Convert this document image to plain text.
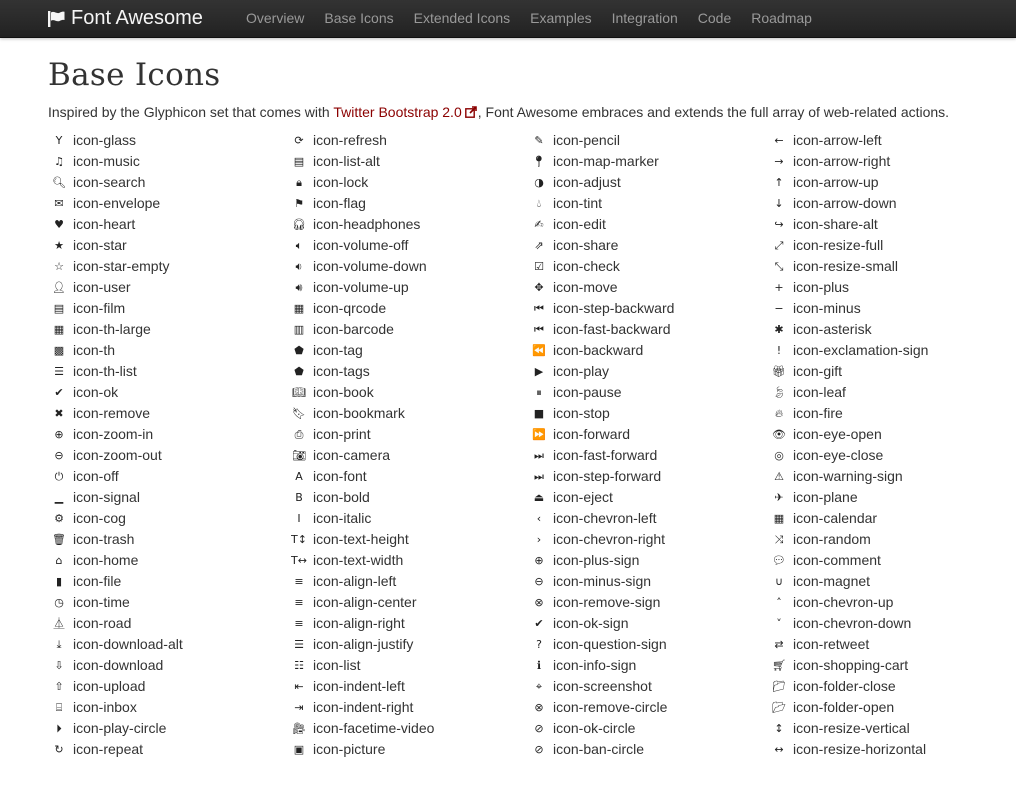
Font Awesome	Overview	Base Icons	Extended Icons	Examples	Integration	Code	Roadmap
Base Icons

Inspired by the Glyphicon set that comes with Twitter Bootstrap 2.0 , Font Awesome embraces and extends the full array of web-related actions.

Y icon-glass
♫ icon-music
🔍︎ icon-search
✉ icon-envelope
♥ icon-heart
★ icon-star
☆ icon-star-empty
👤︎ icon-user
▤ icon-film
▦ icon-th-large
▩ icon-th
☰ icon-th-list
✔ icon-ok
✖ icon-remove
⊕ icon-zoom-in
⊖ icon-zoom-out
⏻ icon-off
▁ icon-signal
⚙ icon-cog
🗑︎ icon-trash
⌂ icon-home
▮ icon-file
◷ icon-time
⏅ icon-road
⤓ icon-download-alt
⇩ icon-download
⇧ icon-upload
⌸ icon-inbox
⏵ icon-play-circle
↻ icon-repeat
⟳ icon-refresh
▤ icon-list-alt
🔒︎ icon-lock
⚑ icon-flag
🎧︎ icon-headphones
🔈︎ icon-volume-off
🔉︎ icon-volume-down
🔊︎ icon-volume-up
▦ icon-qrcode
▥ icon-barcode
⬟ icon-tag
⬟ icon-tags
📖︎ icon-book
🔖︎ icon-bookmark
⎙ icon-print
📷︎ icon-camera
A icon-font
B icon-bold
I icon-italic
T↕ icon-text-height
T↔ icon-text-width
≡ icon-align-left
≡ icon-align-center
≡ icon-align-right
☰ icon-align-justify
☷ icon-list
⇤ icon-indent-left
⇥ icon-indent-right
🎥︎ icon-facetime-video
▣ icon-picture
✎ icon-pencil
📍︎ icon-map-marker
◑ icon-adjust
💧︎ icon-tint
✍ icon-edit
⇗ icon-share
☑ icon-check
✥ icon-move
⏮ icon-step-backward
⏮ icon-fast-backward
⏪ icon-backward
▶ icon-play
⏸ icon-pause
■ icon-stop
⏩ icon-forward
⏭ icon-fast-forward
⏭ icon-step-forward
⏏ icon-eject
‹ icon-chevron-left
› icon-chevron-right
⊕ icon-plus-sign
⊖ icon-minus-sign
⊗ icon-remove-sign
✔ icon-ok-sign
? icon-question-sign
ℹ icon-info-sign
⌖ icon-screenshot
⊗ icon-remove-circle
⊘ icon-ok-circle
⊘ icon-ban-circle
← icon-arrow-left
→ icon-arrow-right
↑ icon-arrow-up
↓ icon-arrow-down
↪ icon-share-alt
⤢ icon-resize-full
⤡ icon-resize-small
+ icon-plus
− icon-minus
✱ icon-asterisk
! icon-exclamation-sign
🎁︎ icon-gift
🍃︎ icon-leaf
🔥︎ icon-fire
👁︎ icon-eye-open
◎ icon-eye-close
⚠ icon-warning-sign
✈ icon-plane
▦ icon-calendar
⤨ icon-random
💬︎ icon-comment
∪ icon-magnet
˄ icon-chevron-up
˅ icon-chevron-down
⇄ icon-retweet
🛒︎ icon-shopping-cart
📁︎ icon-folder-close
📂︎ icon-folder-open
↕ icon-resize-vertical
↔ icon-resize-horizontal
